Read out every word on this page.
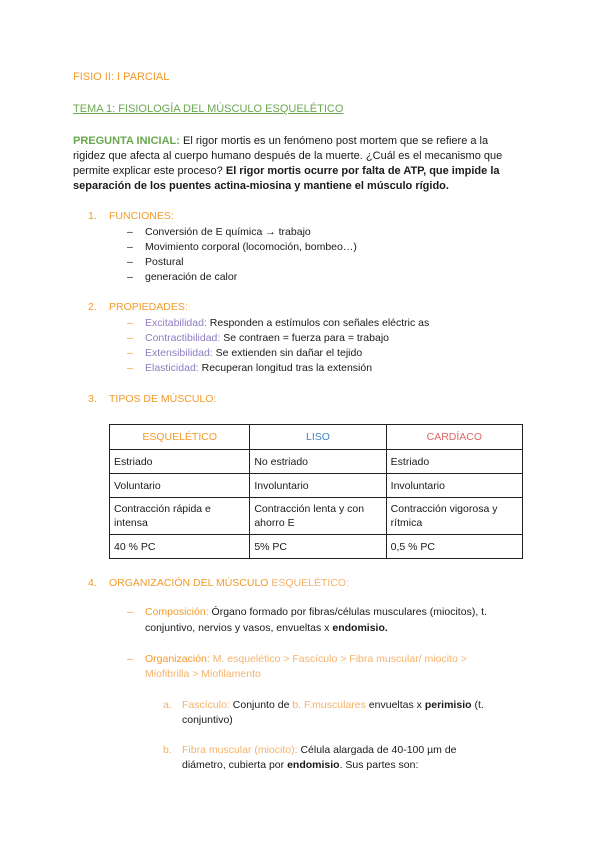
FISIO II: I PARCIAL
TEMA 1: FISIOLOGÍA DEL MÚSCULO ESQUELÉTICO
PREGUNTA INICIAL: El rigor mortis es un fenómeno post mortem que se refiere a la
rigidez que afecta al cuerpo humano después de la muerte. ¿Cuál es el mecanismo que
permite explicar este proceso? El rigor mortis ocurre por falta de ATP, que impide la
separación de los puentes actina-miosina y mantiene el músculo rígido.
1. FUNCIONES:
– Conversión de E química → trabajo
– Movimiento corporal (locomoción, bombeo…)
– Postural
– generación de calor
2. PROPIEDADES:
– Excitabilidad: Responden a estímulos con señales eléctric as
– Contractibilidad: Se contraen = fuerza para = trabajo
– Extensibilidad: Se extienden sin dañar el tejido
– Elasticidad: Recuperan longitud tras la extensión
3. TIPOS DE MÚSCULO:
ESQUELÉTICO	LISO	CARDÍACO
Estriado	No estriado	Estriado
Voluntario	Involuntario	Involuntario
Contracción rápida e intensa	Contracción lenta y con ahorro E	Contracción vigorosa y rítmica
40 % PC	5% PC	0,5 % PC
4. ORGANIZACIÓN DEL MÚSCULO ESQUELÉTICO:
– Composición: Órgano formado por fibras/células musculares (miocitos), t.
conjuntivo, nervios y vasos, envueltas x endomisio.
– Organización: M. esquelético > Fascículo > Fibra muscular/ miocito >
Miofibrilla > Miofilamento
a. Fascículo: Conjunto de b. F.musculares envueltas x perimisio (t.
conjuntivo)
b. Fibra muscular (miocito): Célula alargada de 40-100 µm de
diámetro, cubierta por endomisio. Sus partes son:
